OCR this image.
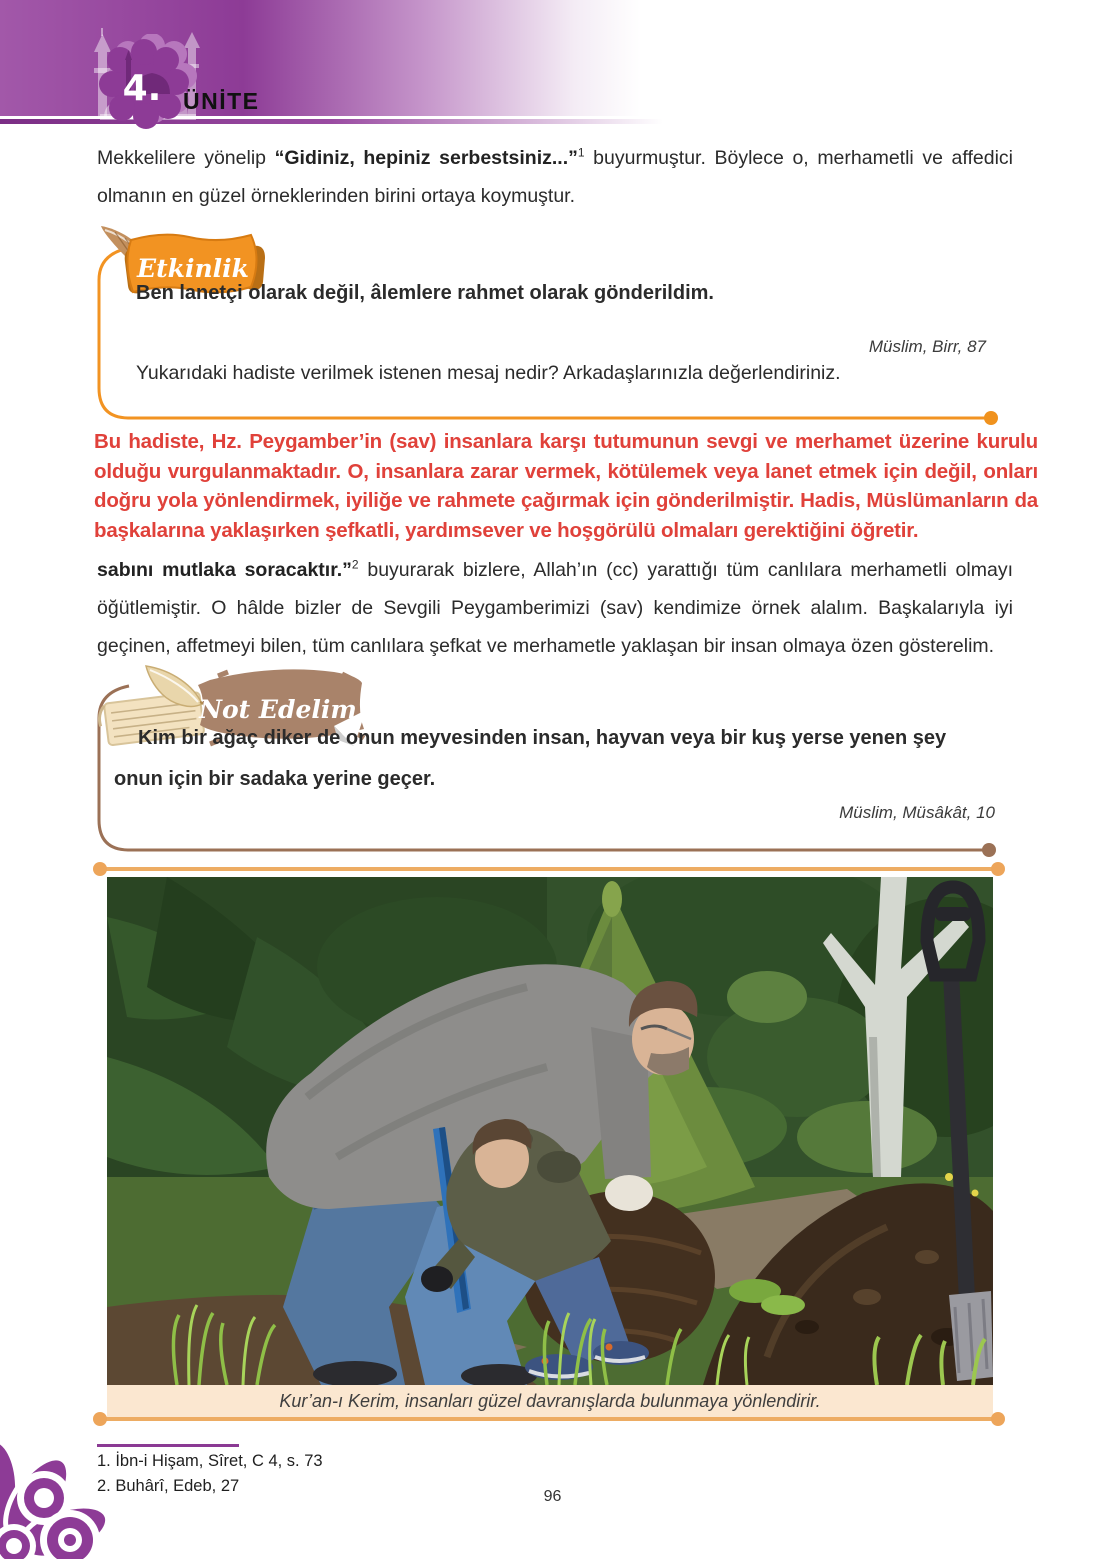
4. ÜNİTE

Mekkelilere yönelip “Gidiniz, hepiniz serbestsiniz...”$^1$ buyurmuştur. Böylece o, merhametli ve affedici olmanın en güzel örneklerinden birini ortaya koymuştur.

Etkinlik
Ben lanetçi olarak değil, âlemlere rahmet olarak gönderildim.
Müslim, Birr, 87
Yukarıdaki hadiste verilmek istenen mesaj nedir? Arkadaşlarınızla değerlendiriniz.
Bu hadiste, Hz. Peygamber’in (sav) insanlara karşı tutumunun sevgi ve merhamet üzerine kurulu olduğu vurgulanmaktadır. O, insanlara zarar vermek, kötülemek veya lanet etmek için değil, onları doğru yola yönlendirmek, iyiliğe ve rahmete çağırmak için gönderilmiştir. Hadis, Müslümanların da başkalarına yaklaşırken şefkatli, yardımsever ve hoşgörülü olmaları gerektiğini öğretir.

sabını mutlaka soracaktır.”$^2$ buyurarak bizlere, Allah’ın (cc) yarattığı tüm canlılara merhametli olmayı öğütlemiştir. O hâlde bizler de Sevgili Peygamberimizi (sav) kendimize örnek alalım. Başkalarıyla iyi geçinen, affetmeyi bilen, tüm canlılara şefkat ve merhametle yaklaşan bir insan olmaya özen gösterelim.

Not Edelim
Kim bir ağaç diker de onun meyvesinden insan, hayvan veya bir kuş yerse yenen şey onun için bir sadaka yerine geçer.
Müslim, Müsâkât, 10
Kur’an-ı Kerim, insanları güzel davranışlarda bulunmaya yönlendirir.
1. İbn-i Hişam, Sîret, C 4, s. 73
2. Buhârî, Edeb, 27
96
